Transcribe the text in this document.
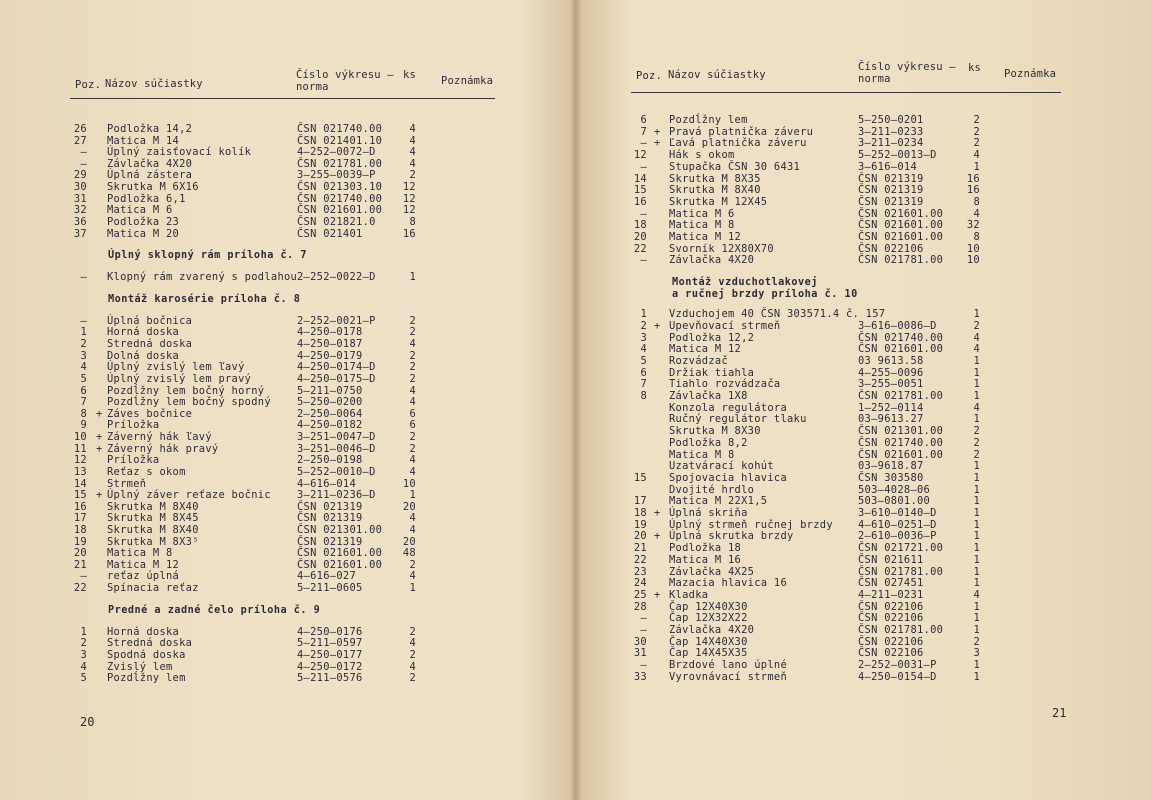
Poz. Názov súčiastky
Číslo výkresu —
norma
ks Poznámka
26 Podložka 14,2	ČSN 021740.00	4
27 Matica M 14	ČSN 021401.10	4
— Úplný zaisťovací kolík	4—252—0072—D	4
— Závlačka 4X20	ČSN 021781.00	4
29 Úplná zástera	3—255—0039—P	2
30 Skrutka M 6X16	ČSN 021303.10 12
31 Podložka 6,1	ČSN 021740.00 12
32 Matica M 6	ČSN 021601.00 12
36 Podložka 23	ČSN 021821.0	8
37 Matica M 20	ČSN 021401	16
Úplný sklopný rám príloha č. 7
— Klopný rám zvarený s podlahou 2—252—0022—D	1
Montáž karosérie príloha č. 8
— Úplná bočnica	2—252—0021—P	2
1 Horná doska	4—250—0178	2
2 Stredná doska	4—250—0187	4
3 Dolná doska	4—250—0179	2
4 Úplný zvislý lem ľavý	4—250—0174—D	2
5 Úplný zvislý lem pravý	4—250—0175—D	2
6 Pozdĺžny lem bočný horný	5—211—0750	4
7 Pozdĺžny lem bočný spodný	5—250—0200	4
8 + Záves bočnice	2—250—0064	6
9 Príložka	4—250—0182	6
10 + Záverný hák ľavý	3—251—0047—D	2
11 + Záverný hák pravý	3—251—0046—D	2
12 Príložka	2—250—0198	4
13 Reťaz s okom	5—252—0010—D	4
14 Strmeň	4—616—014	10
15 + Úplný záver reťaze bočnic	3—211—0236—D	1
16 Skrutka M 8X40	ČSN 021319	20
17 Skrutka M 8X45	ČSN 021319	4
18 Skrutka M 8X40	ČSN 021301.00	4
19 Skrutka M 8X3⁵	ČSN 021319	20
20 Matica M 8	ČSN 021601.00 48
21 Matica M 12	ČSN 021601.00	2
— reťaz úplná	4—616—027	4
22 Spínacia reťaz	5—211—0605	1
Predné a zadné čelo príloha č. 9
1 Horná doska	4—250—0176	2
2 Stredná doska	5—211—0597	4
3 Spodná doska	4—250—0177	2
4 Zvislý lem	4—250—0172	4
5 Pozdĺžny lem	5—211—0576	2
20
Poz. Názov súčiastky
Číslo výkresu —
norma
ks Poznámka
6 Pozdĺžny lem	5—250—0201	2
7 + Pravá platnička záveru	3—211—0233	2
— + Ľavá platnička záveru	3—211—0234	2
12 Hák s okom	5—252—0013—D	4
— Stupačka ČSN 30 6431	3—616—014	1
14 Skrutka M 8X35	ČSN 021319	16
15 Skrutka M 8X40	ČSN 021319	16
16 Skrutka M 12X45	ČSN 021319	8
— Matica M 6	ČSN 021601.00	4
18 Matica M 8	ČSN 021601.00 32
20 Matica M 12	ČSN 021601.00	8
22 Svorník 12X80X70	ČSN 022106	10
— Závlačka 4X20	ČSN 021781.00 10
Montáž vzduchotlakovej
a ručnej brzdy príloha č. 10
1 Vzduchojem 40 ČSN 303571.4 č. 157	1
2 + Upevňovací strmeň	3—616—0086—D	2
3 Podložka 12,2	ČSN 021740.00	4
4 Matica M 12	ČSN 021601.00	4
5 Rozvádzač	03 9613.58	1
6 Držiak tiahla	4—255—0096	1
7 Tiahlo rozvádzača	3—255—0051	1
8 Závlačka 1X8	ČSN 021781.00	1
Konzola regulátora	1—252—0114	4
Ručný regulátor tlaku	03—9613.27	1
Skrutka M 8X30	ČSN 021301.00	2
Podložka 8,2	ČSN 021740.00	2
Matica M 8	ČSN 021601.00	2
Uzatvárací kohút	03—9618.87	1
15 Spojovacia hlavica	ČSN 303580	1
Dvojité hrdlo	503—4028—06	1
17 Matica M 22X1,5	503—0801.00	1
18 + Úplná skriňa	3—610—0140—D	1
19 Úplný strmeň ručnej brzdy 4—610—0251—D	1
20 + Úplná skrutka brzdy	2—610—0036—P	1
21 Podložka 18	ČSN 021721.00	1
22 Matica M 16	ČSN 021611	1
23 Závlačka 4X25	ČSN 021781.00	1
24 Mazacia hlavica 16	ČSN 027451	1
25 + Kladka	4—211—0231	4
28 Čap 12X40X30	ČSN 022106	1
— Čap 12X32X22	ČSN 022106	1
— Závlačka 4X20	ČSN 021781.00	1
30 Čap 14X40X30	ČSN 022106	2
31 Čap 14X45X35	ČSN 022106	3
— Brzdové lano úplné	2—252—0031—P	1
33 Vyrovnávací strmeň	4—250—0154—D	1
21
